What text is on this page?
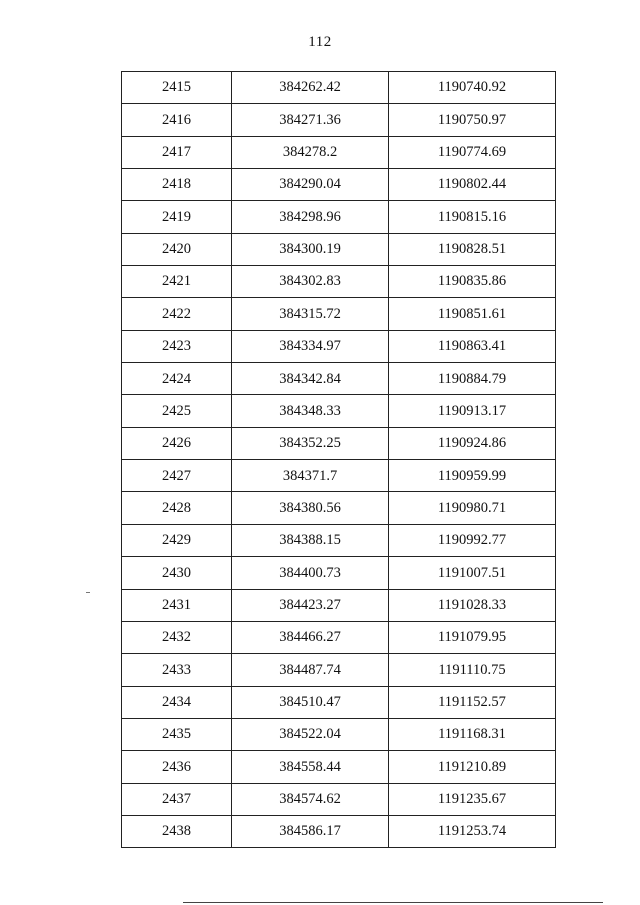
112
2415	384262.42	1190740.92
2416	384271.36	1190750.97
2417	384278.2	1190774.69
2418	384290.04	1190802.44
2419	384298.96	1190815.16
2420	384300.19	1190828.51
2421	384302.83	1190835.86
2422	384315.72	1190851.61
2423	384334.97	1190863.41
2424	384342.84	1190884.79
2425	384348.33	1190913.17
2426	384352.25	1190924.86
2427	384371.7	1190959.99
2428	384380.56	1190980.71
2429	384388.15	1190992.77
2430	384400.73	1191007.51
2431	384423.27	1191028.33
2432	384466.27	1191079.95
2433	384487.74	1191110.75
2434	384510.47	1191152.57
2435	384522.04	1191168.31
2436	384558.44	1191210.89
2437	384574.62	1191235.67
2438	384586.17	1191253.74
